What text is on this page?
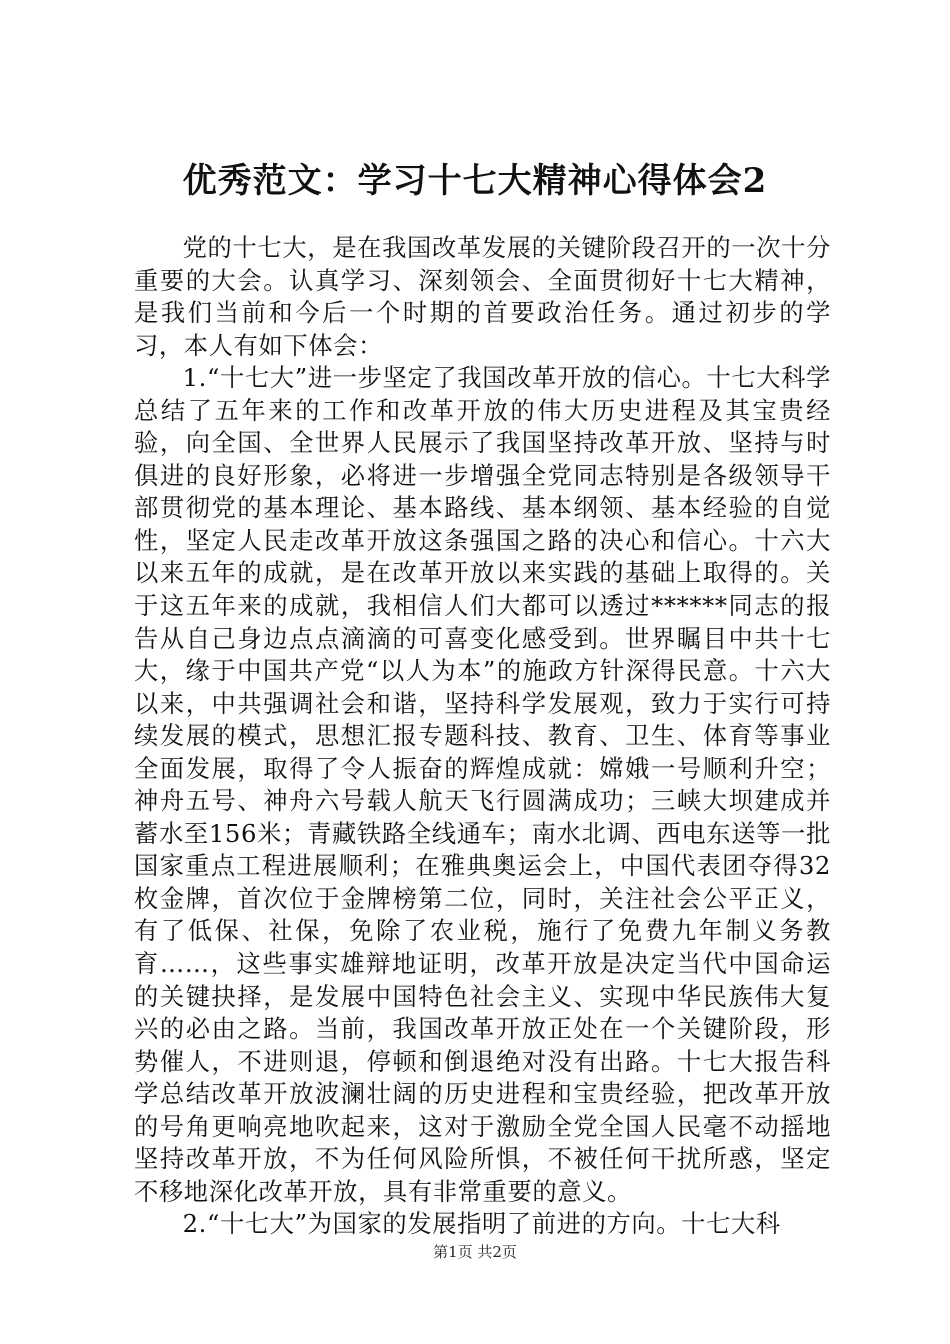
优秀范文：学习十七大精神心得体会2

党的十七大，是在我国改革发展的关键阶段召开的一次十分重要的大会。认真学习、深刻领会、全面贯彻好十七大精神，是我们当前和今后一个时期的首要政治任务。通过初步的学习，本人有如下体会：

1.“十七大”进一步坚定了我国改革开放的信心。十七大科学总结了五年来的工作和改革开放的伟大历史进程及其宝贵经验，向全国、全世界人民展示了我国坚持改革开放、坚持与时俱进的良好形象，必将进一步增强全党同志特别是各级领导干部贯彻党的基本理论、基本路线、基本纲领、基本经验的自觉性，坚定人民走改革开放这条强国之路的决心和信心。十六大以来五年的成就，是在改革开放以来实践的基础上取得的。关于这五年来的成就，我相信人们大都可以透过******同志的报告从自己身边点点滴滴的可喜变化感受到。世界瞩目中共十七大，缘于中国共产党“以人为本”的施政方针深得民意。十六大以来，中共强调社会和谐，坚持科学发展观，致力于实行可持续发展的模式，思想汇报专题科技、教育、卫生、体育等事业全面发展，取得了令人振奋的辉煌成就：嫦娥一号顺利升空；神舟五号、神舟六号载人航天飞行圆满成功；三峡大坝建成并蓄水至156米；青藏铁路全线通车；南水北调、西电东送等一批国家重点工程进展顺利；在雅典奥运会上，中国代表团夺得32枚金牌，首次位于金牌榜第二位，同时，关注社会公平正义，有了低保、社保，免除了农业税，施行了免费九年制义务教育……，这些事实雄辩地证明，改革开放是决定当代中国命运的关键抉择，是发展中国特色社会主义、实现中华民族伟大复兴的必由之路。当前，我国改革开放正处在一个关键阶段，形势催人，不进则退，停顿和倒退绝对没有出路。十七大报告科学总结改革开放波澜壮阔的历史进程和宝贵经验，把改革开放的号角更响亮地吹起来，这对于激励全党全国人民毫不动摇地坚持改革开放，不为任何风险所惧，不被任何干扰所惑，坚定不移地深化改革开放，具有非常重要的意义。

2.“十七大”为国家的发展指明了前进的方向。十七大科

第1页 共2页
